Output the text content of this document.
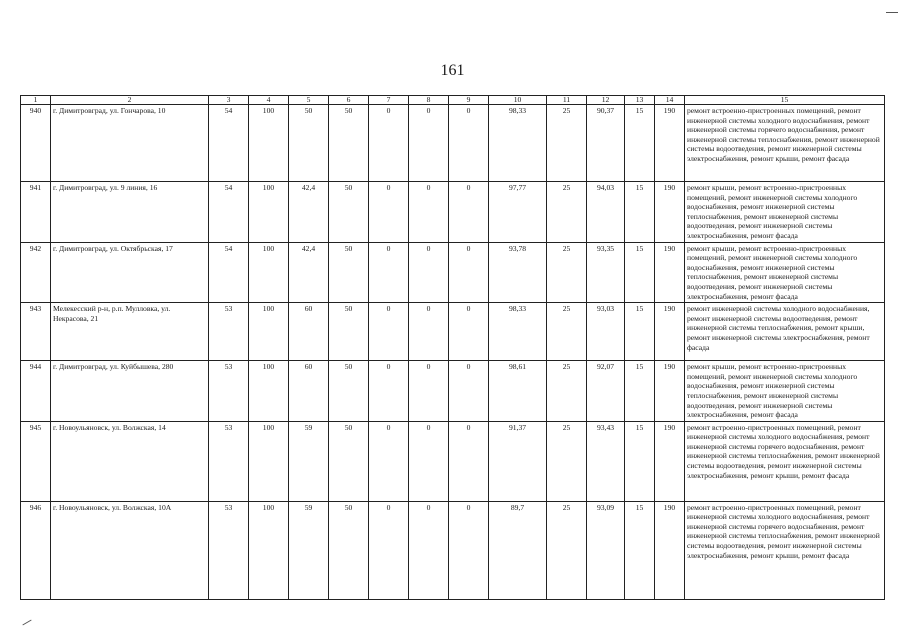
161
1	2	3	4	5	6	7	8	9	10	11	12	13	14	15
940	г. Димитровград, ул. Гончарова, 10	54	100	50	50	0	0	0	98,33	25	90,37	15	190	ремонт встроенно-пристроенных помещений, ремонт инженерной системы холодного водоснабжения, ремонт инженерной системы горячего водоснабжения, ремонт инженерной системы теплоснабжения, ремонт инженерной системы водоотведения, ремонт инженерной системы электроснабжения, ремонт крыши, ремонт фасада
941	г. Димитровград, ул. 9 линия, 16	54	100	42,4	50	0	0	0	97,77	25	94,03	15	190	ремонт крыши, ремонт встроенно-пристроенных помещений, ремонт инженерной системы холодного водоснабжения, ремонт инженерной системы теплоснабжения, ремонт инженерной системы водоотведения, ремонт инженерной системы электроснабжения, ремонт фасада
942	г. Димитровград, ул. Октябрьская, 17	54	100	42,4	50	0	0	0	93,78	25	93,35	15	190	ремонт крыши, ремонт встроенно-пристроенных помещений, ремонт инженерной системы холодного водоснабжения, ремонт инженерной системы теплоснабжения, ремонт инженерной системы водоотведения, ремонт инженерной системы электроснабжения, ремонт фасада
943	Мелекесский р-н, р.п. Мулловка, ул. Некрасова, 21	53	100	60	50	0	0	0	98,33	25	93,03	15	190	ремонт инженерной системы холодного водоснабжения, ремонт инженерной системы водоотведения, ремонт инженерной системы теплоснабжения, ремонт крыши, ремонт инженерной системы электроснабжения, ремонт фасада
944	г. Димитровград, ул. Куйбышева, 280	53	100	60	50	0	0	0	98,61	25	92,07	15	190	ремонт крыши, ремонт встроенно-пристроенных помещений, ремонт инженерной системы холодного водоснабжения, ремонт инженерной системы теплоснабжения, ремонт инженерной системы водоотведения, ремонт инженерной системы электроснабжения, ремонт фасада
945	г. Новоульяновск, ул. Волжская, 14	53	100	59	50	0	0	0	91,37	25	93,43	15	190	ремонт встроенно-пристроенных помещений, ремонт инженерной системы холодного водоснабжения, ремонт инженерной системы горячего водоснабжения, ремонт инженерной системы теплоснабжения, ремонт инженерной системы водоотведения, ремонт инженерной системы электроснабжения, ремонт крыши, ремонт фасада
946	г. Новоульяновск, ул. Волжская, 10А	53	100	59	50	0	0	0	89,7	25	93,09	15	190	ремонт встроенно-пристроенных помещений, ремонт инженерной системы холодного водоснабжения, ремонт инженерной системы горячего водоснабжения, ремонт инженерной системы теплоснабжения, ремонт инженерной системы водоотведения, ремонт инженерной системы электроснабжения, ремонт крыши, ремонт фасада
